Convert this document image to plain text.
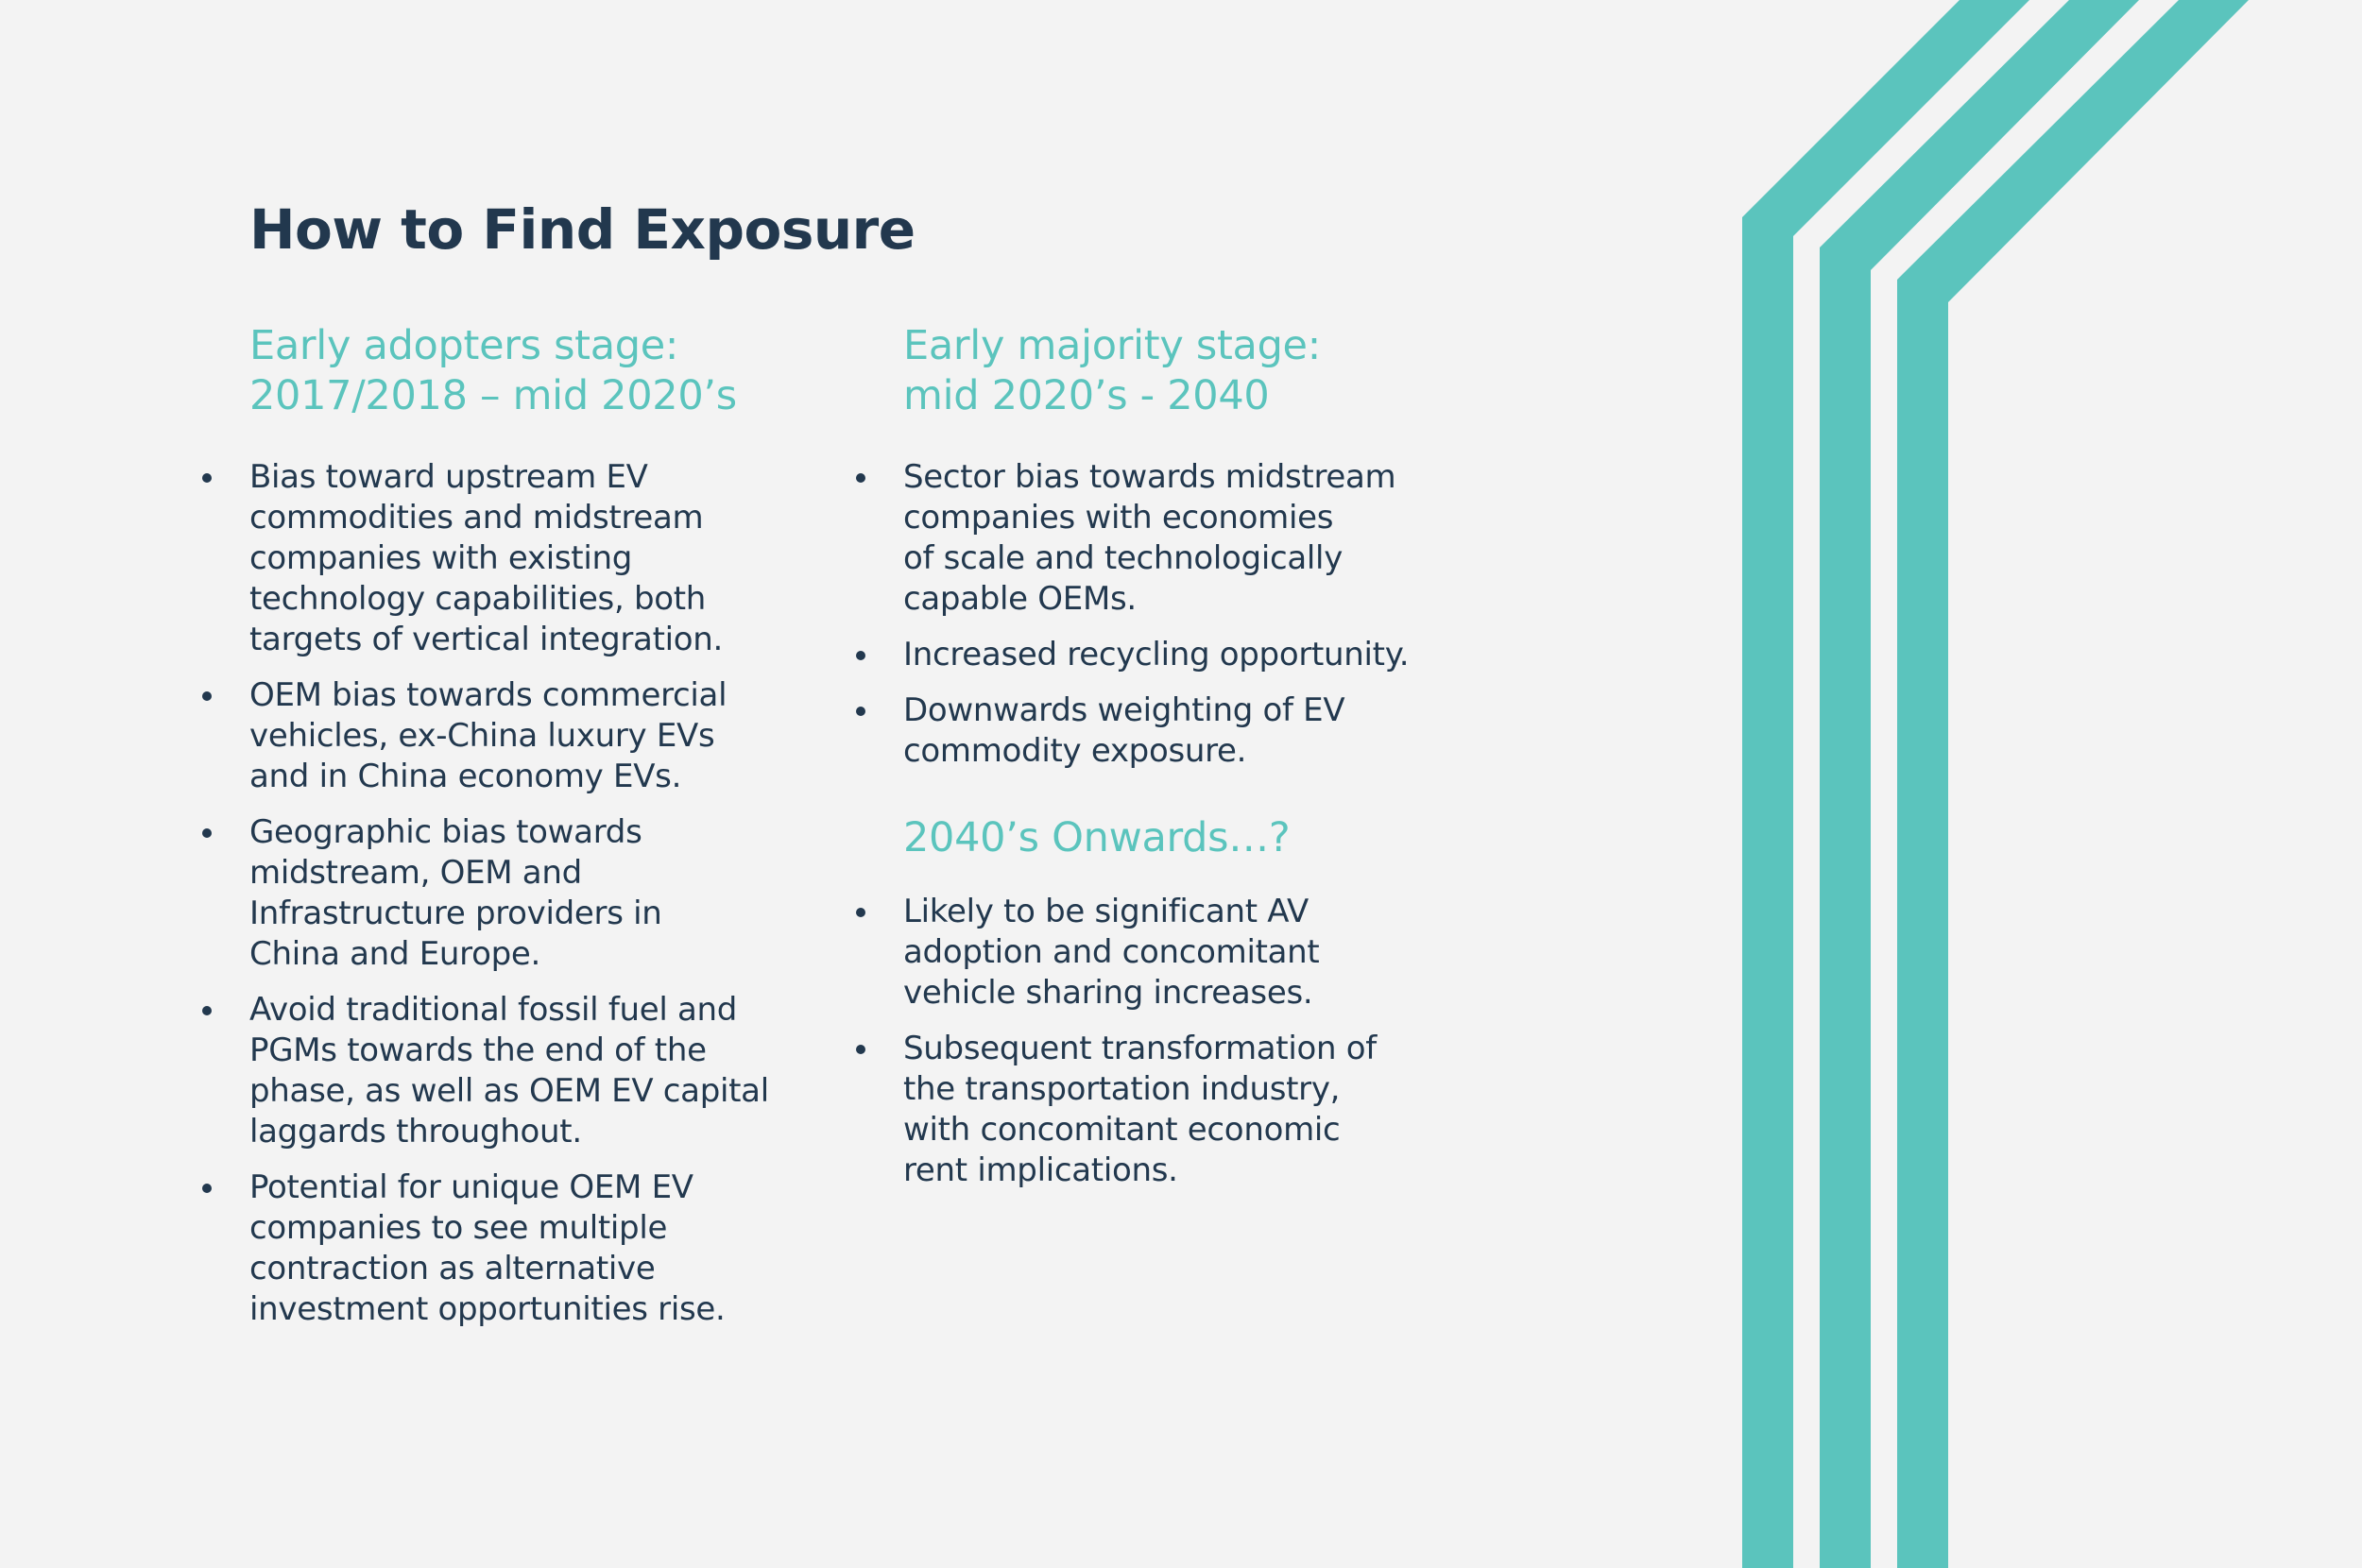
How to Find Exposure
Early adopters stage:
2017/2018 – mid 2020’s
Bias toward upstream EV
commodities and midstream
companies with existing
technology capabilities, both
targets of vertical integration.
OEM bias towards commercial
vehicles, ex-China luxury EVs
and in China economy EVs.
Geographic bias towards
midstream, OEM and
Infrastructure providers in
China and Europe.
Avoid traditional fossil fuel and
PGMs towards the end of the
phase, as well as OEM EV capital
laggards throughout.
Potential for unique OEM EV
companies to see multiple
contraction as alternative
investment opportunities rise.
Early majority stage:
mid 2020’s - 2040
Sector bias towards midstream
companies with economies
of scale and technologically
capable OEMs.
Increased recycling opportunity.
Downwards weighting of EV
commodity exposure.
2040’s Onwards…?
Likely to be significant AV
adoption and concomitant
vehicle sharing increases.
Subsequent transformation of
the transportation industry,
with concomitant economic
rent implications.
